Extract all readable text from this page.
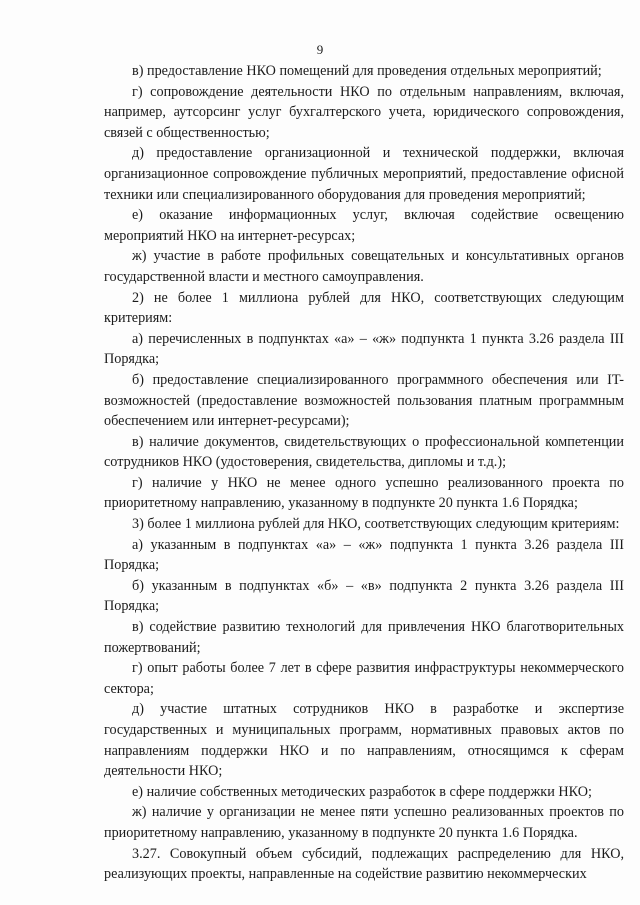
9

в) предоставление НКО помещений для проведения отдельных мероприятий;

г) сопровождение деятельности НКО по отдельным направлениям, включая, например, аутсорсинг услуг бухгалтерского учета, юридического сопровождения, связей с общественностью;

д) предоставление организационной и технической поддержки, включая организационное сопровождение публичных мероприятий, предоставление офисной техники или специализированного оборудования для проведения мероприятий;

е) оказание информационных услуг, включая содействие освещению мероприятий НКО на интернет-ресурсах;

ж) участие в работе профильных совещательных и консультативных органов государственной власти и местного самоуправления.

2) не более 1 миллиона рублей для НКО, соответствующих следующим критериям:

а) перечисленных в подпунктах «а» – «ж» подпункта 1 пункта 3.26 раздела III Порядка;

б) предоставление специализированного программного обеспечения или IT-возможностей (предоставление возможностей пользования платным программным обеспечением или интернет-ресурсами);

в) наличие документов, свидетельствующих о профессиональной компетенции сотрудников НКО (удостоверения, свидетельства, дипломы и т.д.);

г) наличие у НКО не менее одного успешно реализованного проекта по приоритетному направлению, указанному в подпункте 20 пункта 1.6 Порядка;

3) более 1 миллиона рублей для НКО, соответствующих следующим критериям:

а) указанным в подпунктах «а» – «ж» подпункта 1 пункта 3.26 раздела III Порядка;

б) указанным в подпунктах «б» – «в» подпункта 2 пункта 3.26 раздела III Порядка;

в) содействие развитию технологий для привлечения НКО благотворительных пожертвований;

г) опыт работы более 7 лет в сфере развития инфраструктуры некоммерческого сектора;

д) участие штатных сотрудников НКО в разработке и экспертизе государственных и муниципальных программ, нормативных правовых актов по направлениям поддержки НКО и по направлениям, относящимся к сферам деятельности НКО;

е) наличие собственных методических разработок в сфере поддержки НКО;

ж) наличие у организации не менее пяти успешно реализованных проектов по приоритетному направлению, указанному в подпункте 20 пункта 1.6 Порядка.

3.27. Совокупный объем субсидий, подлежащих распределению для НКО, реализующих проекты, направленные на содействие развитию некоммерческих
